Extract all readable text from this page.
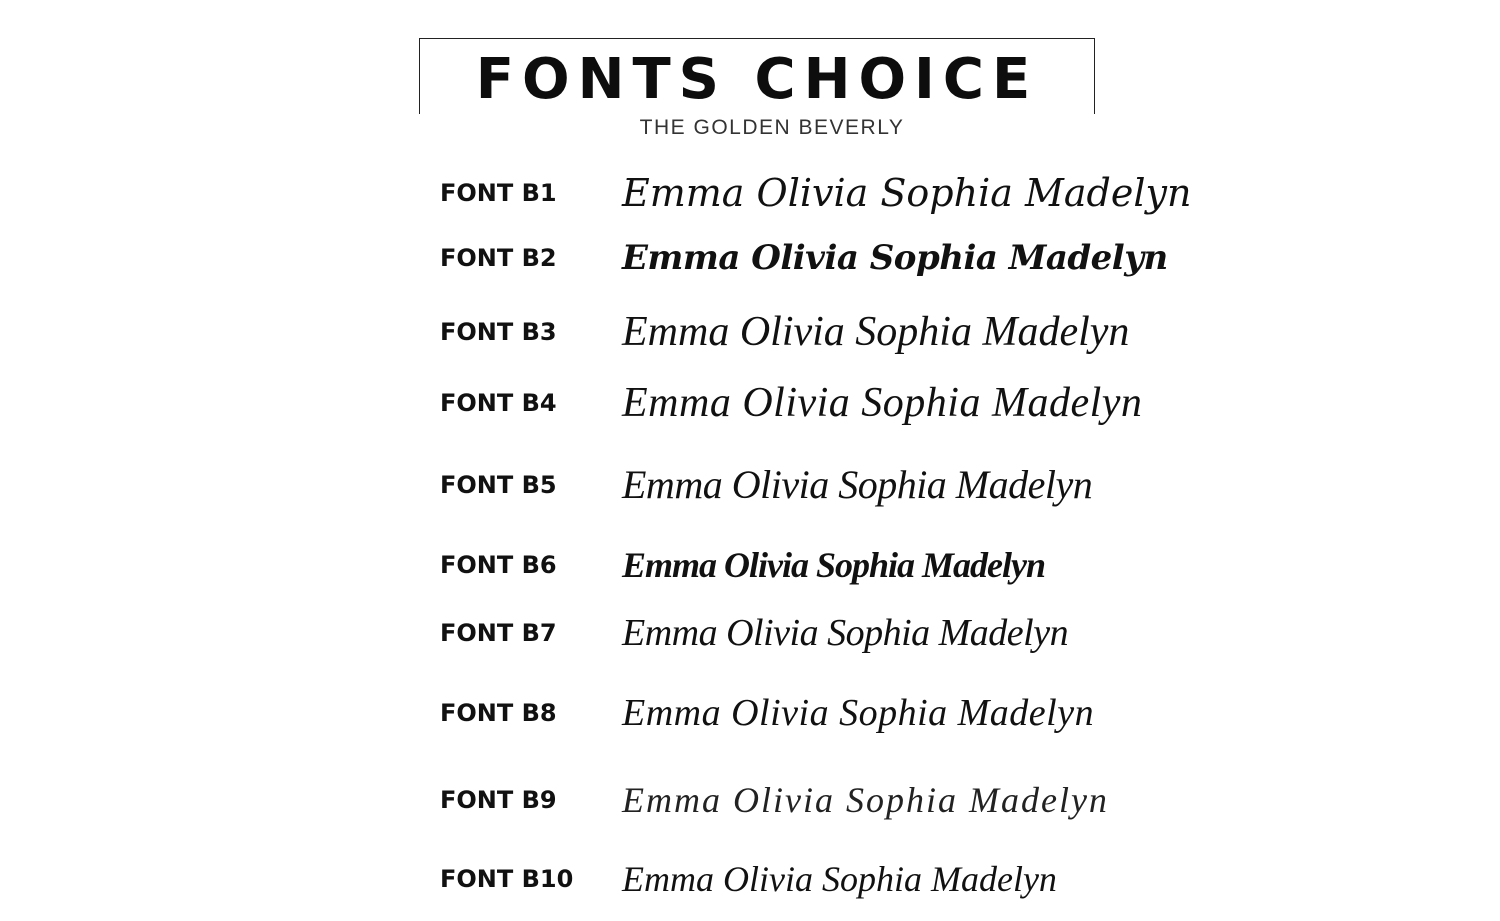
FONTS CHOICE
THE GOLDEN BEVERLY
FONT B1 Emma Olivia Sophia Madelyn
FONT B2 Emma Olivia Sophia Madelyn
FONT B3 Emma Olivia Sophia Madelyn
FONT B4 Emma Olivia Sophia Madelyn
FONT B5 Emma Olivia Sophia Madelyn
FONT B6 Emma Olivia Sophia Madelyn
FONT B7 Emma Olivia Sophia Madelyn
FONT B8 Emma Olivia Sophia Madelyn
FONT B9 Emma Olivia Sophia Madelyn
FONT B10 Emma Olivia Sophia Madelyn
